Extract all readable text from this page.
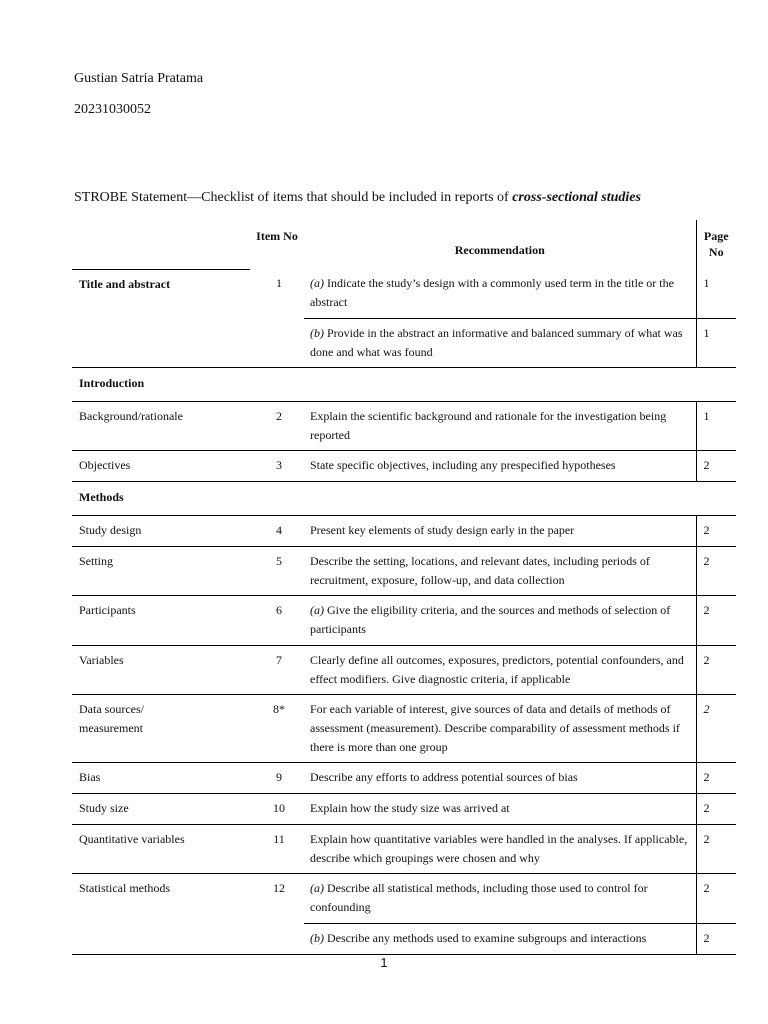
Gustian Satria Pratama
20231030052
STROBE Statement—Checklist of items that should be included in reports of cross-sectional studies
	Item No	Recommendation	Page No
Title and abstract	1	(a) Indicate the study’s design with a commonly used term in the title or the abstract	1
		(b) Provide in the abstract an informative and balanced summary of what was done and what was found	1
Introduction			
Background/rationale	2	Explain the scientific background and rationale for the investigation being reported	1
Objectives	3	State specific objectives, including any prespecified hypotheses	2
Methods			
Study design	4	Present key elements of study design early in the paper	2
Setting	5	Describe the setting, locations, and relevant dates, including periods of recruitment, exposure, follow-up, and data collection	2
Participants	6	(a) Give the eligibility criteria, and the sources and methods of selection of participants	2
Variables	7	Clearly define all outcomes, exposures, predictors, potential confounders, and effect modifiers. Give diagnostic criteria, if applicable	2
Data sources/ measurement	8*	For each variable of interest, give sources of data and details of methods of assessment (measurement). Describe comparability of assessment methods if there is more than one group	2
Bias	9	Describe any efforts to address potential sources of bias	2
Study size	10	Explain how the study size was arrived at	2
Quantitative variables	11	Explain how quantitative variables were handled in the analyses. If applicable, describe which groupings were chosen and why	2
Statistical methods	12	(a) Describe all statistical methods, including those used to control for confounding	2
		(b) Describe any methods used to examine subgroups and interactions	2
1
